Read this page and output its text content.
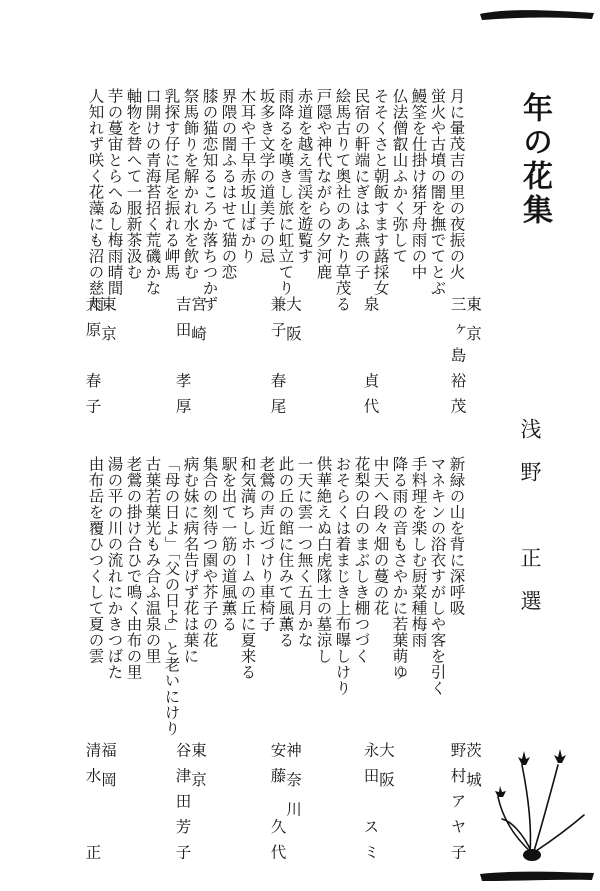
年の花集
浅野　正選
月に暈茂吉の里の夜振の火
蛍火や古墳の闇を撫でてとぶ
鰻筌を仕掛け猪牙舟雨の中
仏法僧叡山ふかく弥して
そそくさと朝飯すます蕗採女
民宿の軒端にぎはふ燕の子
絵馬古りて奥社のあたり草茂る
戸隠や神代ながらの夕河鹿
赤道を越え雪渓を遊覧す
雨降るを嘆きし旅に虹立てり
坂多き文学の道美子の忌
木耳や千早赤坂山ばかり
界隈の闇ふるはせて猫の恋
膝の猫恋知るころか落ちつかず
祭馬飾りを解かれ水を飲む
乳探す仔に尾を振れる岬馬
口開けの青海苔招く荒磯かな
軸物を替へて一服新茶汲む
芋の蔓宙とらへゐし梅雨晴間
人知れず咲く花藻にも沼の慈雨
東京
三ヶ島裕茂
泉　　貞代
大阪
兼子　春尾
宮崎
吉田　孝厚
東京
大原　春子
新緑の山を背に深呼吸
マネキンの浴衣すがしや客を引く
手料理を楽しむ厨菜種梅雨
降る雨の音もさやかに若葉萌ゆ
中天へ段々畑の蔓の花
花梨の白のまぶしき棚つづく
おそらくは着まじき上布曝しけり
供華絶えぬ白虎隊士の墓涼し
一天に雲一つ無く五月かな
此の丘の館に住みて風薫る
老鶯の声近づけり車椅子
和気満ちしホームの丘に夏来る
駅を出て一筋の道風薫る
集合の刻待つ園や芥子の花
病む妹に病名告げず花は葉に
「母の日よ」「父の日よ」と老いにけり
古葉若葉光もみ合ふ温泉の里
老鶯の掛け合ひで鳴く由布の里
湯の平の川の流れにかきつばた
由布岳を覆ひつくして夏の雲
茨城
野村アヤ子
大阪
永田　スミ
神奈川
安藤　久代
東京
谷津田芳子
福岡
清水　　正
